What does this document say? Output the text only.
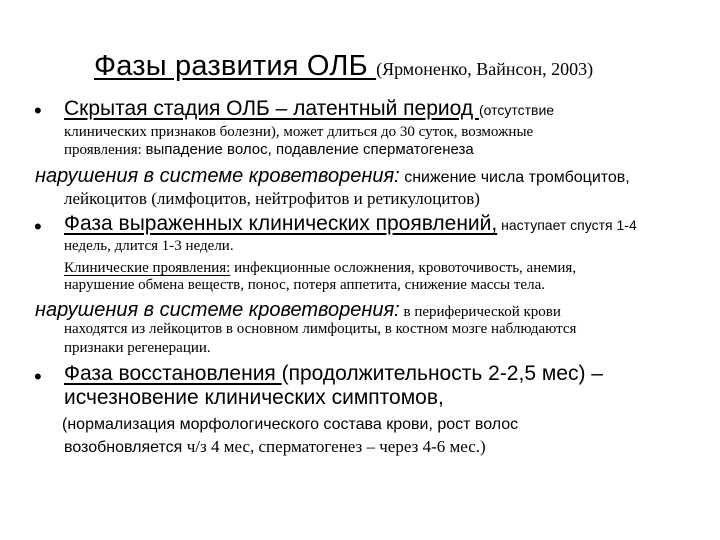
Фазы развития ОЛБ (Ярмоненко, Вайнсон, 2003)
• Скрытая стадия ОЛБ – латентный период (отсутствие
клинических признаков болезни), может длиться до 30 суток, возможные
проявления: выпадение волос, подавление сперматогенеза
нарушения в системе кроветворения: снижение числа тромбоцитов,
лейкоцитов (лимфоцитов, нейтрофитов и ретикулоцитов)
• Фаза выраженных клинических проявлений, наступает спустя 1-4
недель, длится 1-3 недели.
Клинические проявления: инфекционные осложнения, кровоточивость, анемия,
нарушение обмена веществ, понос, потеря аппетита, снижение массы тела.
нарушения в системе кроветворения: в периферической крови
находятся из лейкоцитов в основном лимфоциты, в костном мозге наблюдаются
признаки регенерации.
• Фаза восстановления (продолжительность 2-2,5 мес) –
исчезновение клинических симптомов,
(нормализация морфологического состава крови, рост волос
возобновляется ч/з 4 мес, сперматогенез – через 4-6 мес.)
